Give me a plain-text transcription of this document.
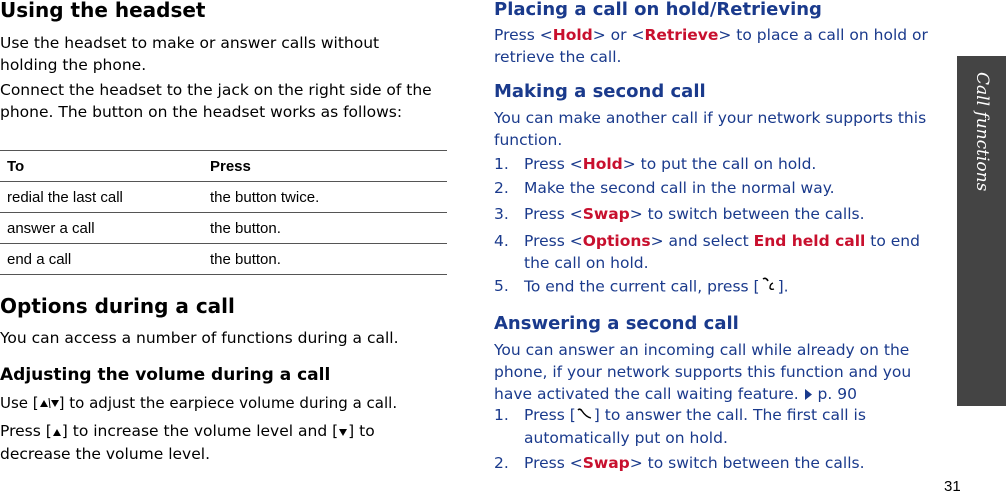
Using the headset
Use the headset to make or answer calls without holding the phone.
Connect the headset to the jack on the right side of the phone. The button on the headset works as follows:
To	Press
redial the last call	the button twice.
answer a call	the button.
end a call	the button.
Options during a call
You can access a number of functions during a call.
Adjusting the volume during a call
Use [ ] to adjust the earpiece volume during a call.
Press [ ] to increase the volume level and [ ] to decrease the volume level.
Placing a call on hold/Retrieving
Press <Hold> or <Retrieve> to place a call on hold or retrieve the call.
Making a second call
You can make another call if your network supports this function.
1. Press <Hold> to put the call on hold.
2. Make the second call in the normal way.
3. Press <Swap> to switch between the calls.
4. Press <Options> and select End held call to end the call on hold.
5. To end the current call, press [ ].
Answering a second call
You can answer an incoming call while already on the phone, if your network supports this function and you have activated the call waiting feature.  p. 90
1. Press [ ] to answer the call. The first call is automatically put on hold.
2. Press <Swap> to switch between the calls.
Call functions
31
